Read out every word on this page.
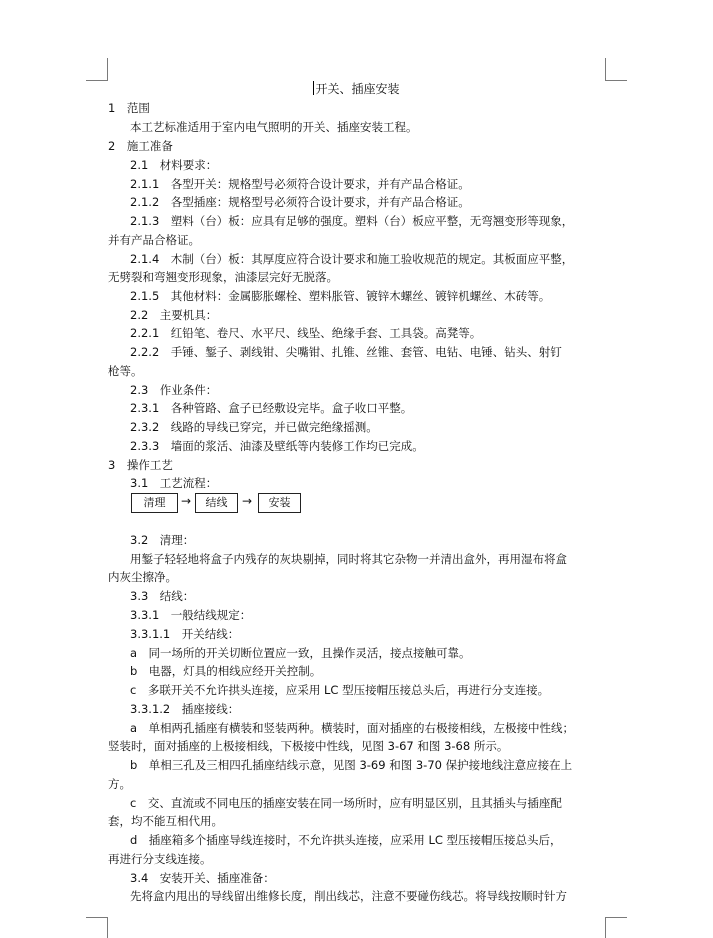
开关、插座安装
1　范围
本工艺标准适用于室内电气照明的开关、插座安装工程。
2　施工准备
2.1　材料要求：
2.1.1　各型开关：规格型号必须符合设计要求，并有产品合格证。
2.1.2　各型插座：规格型号必须符合设计要求，并有产品合格证。
2.1.3　塑料（台）板：应具有足够的强度。塑料（台）板应平整，无弯翘变形等现象，
并有产品合格证。
2.1.4　木制（台）板：其厚度应符合设计要求和施工验收规范的规定。其板面应平整，
无劈裂和弯翘变形现象，油漆层完好无脱落。
2.1.5　其他材料：金属膨胀螺栓、塑料胀管、镀锌木螺丝、镀锌机螺丝、木砖等。
2.2　主要机具：
2.2.1　红铅笔、卷尺、水平尺、线坠、绝缘手套、工具袋。高凳等。
2.2.2　手锤、錾子、剥线钳、尖嘴钳、扎锥、丝锥、套管、电钻、电锤、钻头、射钉
枪等。
2.3　作业条件：
2.3.1　各种管路、盒子已经敷设完毕。盒子收口平整。
2.3.2　线路的导线已穿完，并已做完绝缘摇测。
2.3.3　墙面的浆活、油漆及壁纸等内装修工作均已完成。
3　操作工艺
3.1　工艺流程：
清理	→	结线	→	安装
3.2　清理：
用錾子轻轻地将盒子内残存的灰块剔掉，同时将其它杂物一并清出盒外，再用湿布将盒
内灰尘擦净。
3.3　结线：
3.3.1　一般结线规定：
3.3.1.1　开关结线：
a　同一场所的开关切断位置应一致，且操作灵活，接点接触可靠。
b　电器，灯具的相线应经开关控制。
c　多联开关不允许拱头连接，应采用 LC 型压接帽压接总头后，再进行分支连接。
3.3.1.2　插座接线：
a　单相两孔插座有横装和竖装两种。横装时，面对插座的右极接相线，左极接中性线；
竖装时，面对插座的上极接相线，下极接中性线，见图 3-67 和图 3-68 所示。
b　单相三孔及三相四孔插座结线示意，见图 3-69 和图 3-70 保护接地线注意应接在上
方。
c　交、直流或不同电压的插座安装在同一场所时，应有明显区别，且其插头与插座配
套，均不能互相代用。
d　插座箱多个插座导线连接时，不允许拱头连接，应采用 LC 型压接帽压接总头后，
再进行分支线连接。
3.4　安装开关、插座准备：
先将盒内甩出的导线留出维修长度，削出线芯，注意不要碰伤线芯。将导线按顺时针方
